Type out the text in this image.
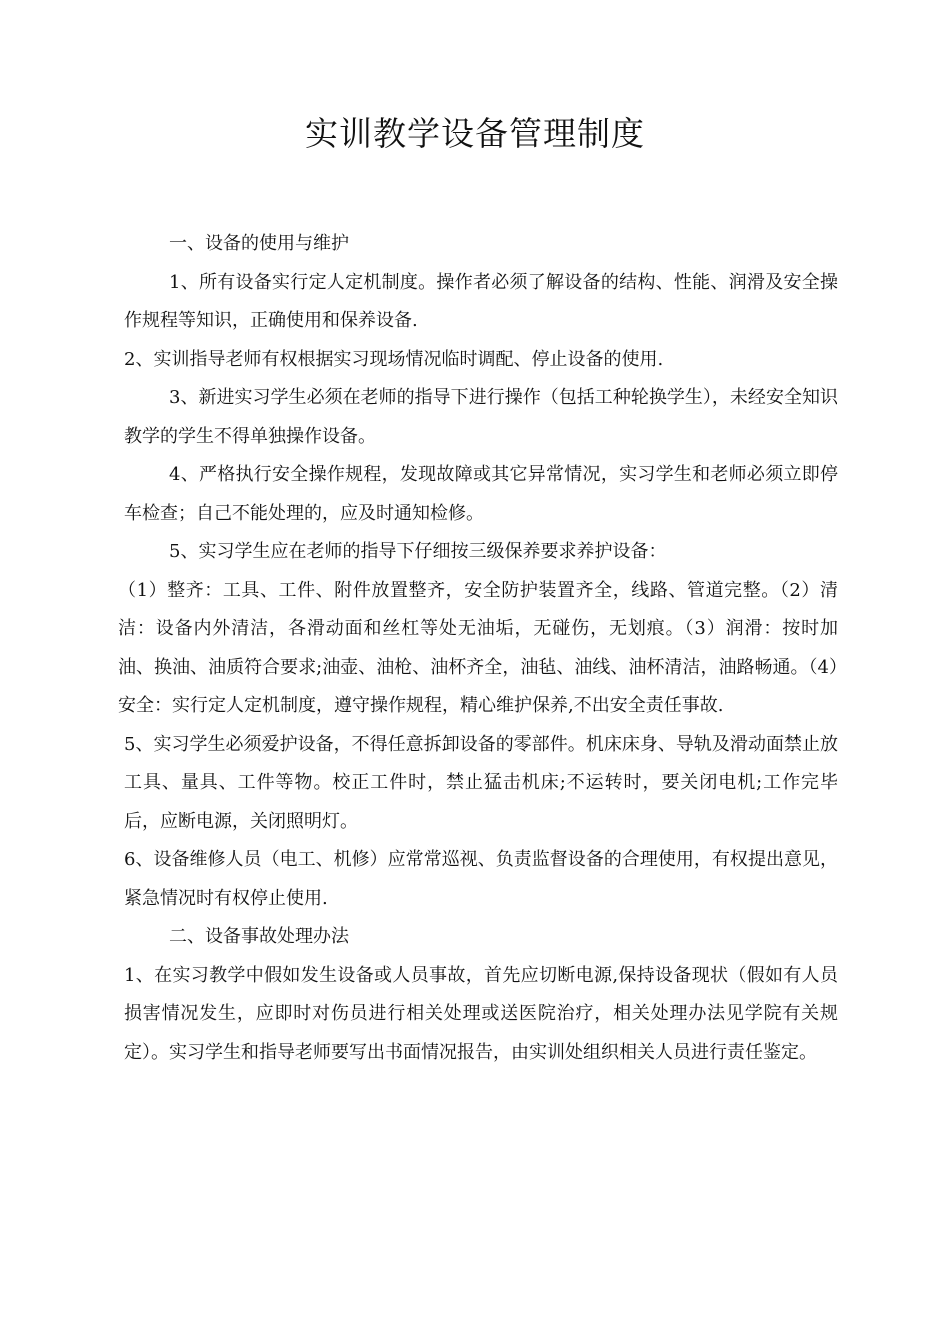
实训教学设备管理制度

一、设备的使用与维护

1、所有设备实行定人定机制度。操作者必须了解设备的结构、性能、润滑及安全操作规程等知识，正确使用和保养设备.

2、实训指导老师有权根据实习现场情况临时调配、停止设备的使用.

3、新进实习学生必须在老师的指导下进行操作（包括工种轮换学生），未经安全知识教学的学生不得单独操作设备。

4、严格执行安全操作规程，发现故障或其它异常情况，实习学生和老师必须立即停车检查；自己不能处理的，应及时通知检修。

5、实习学生应在老师的指导下仔细按三级保养要求养护设备：

（1）整齐：工具、工件、附件放置整齐，安全防护装置齐全，线路、管道完整。（2）清洁：设备内外清洁，各滑动面和丝杠等处无油垢，无碰伤，无划痕。（3）润滑：按时加油、换油、油质符合要求;油壶、油枪、油杯齐全，油毡、油线、油杯清洁，油路畅通。（4）安全：实行定人定机制度，遵守操作规程，精心维护保养,不出安全责任事故.

5、实习学生必须爱护设备，不得任意拆卸设备的零部件。机床床身、导轨及滑动面禁止放工具、量具、工件等物。校正工件时，禁止猛击机床;不运转时，要关闭电机;工作完毕后，应断电源，关闭照明灯。

6、设备维修人员（电工、机修）应常常巡视、负责监督设备的合理使用，有权提出意见，紧急情况时有权停止使用.

二、设备事故处理办法

1、在实习教学中假如发生设备或人员事故，首先应切断电源,保持设备现状（假如有人员损害情况发生，应即时对伤员进行相关处理或送医院治疗，相关处理办法见学院有关规定）。实习学生和指导老师要写出书面情况报告，由实训处组织相关人员进行责任鉴定。
